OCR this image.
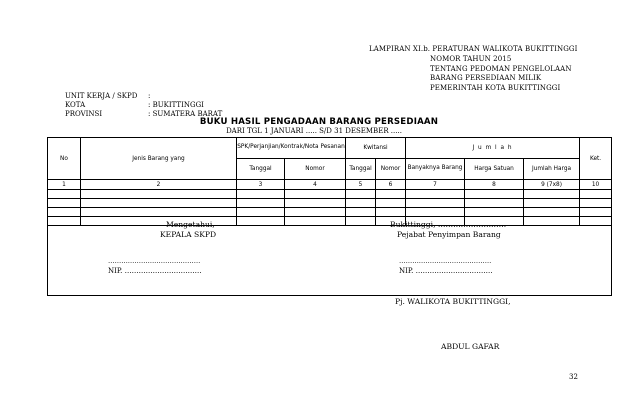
LAMPIRAN XI.b. PERATURAN WALIKOTA BUKITTINGGI
NOMOR TAHUN 2015
TENTANG PEDOMAN PENGELOLAAN
BARANG PERSEDIAAN MILIK
PEMERINTAH KOTA BUKITTINGGI
UNIT KERJA / SKPD :
KOTA	: BUKITTINGGI
PROVINSI	: SUMATERA BARAT
BUKU HASIL PENGADAAN BARANG PERSEDIAAN
DARI TGL 1 JANUARI ..... S/D 31 DESEMBER .....
No	Jenis Barang yang	SPK/Perjanjian/Kontrak/Nota Pesanan		Kwitansi		J u m l a h			Ket.
		Tanggal	Nomor	Tanggal	Nomor	Banyaknya Barang	Harga Satuan	Jumlah Harga	
1	2	3	4	5	6	7	8	9 (7x8)	10

Mengetahui,
KEPALA SKPD
……………………………………
NIP. ……………………………
Bukittinggi, ………………………
Pejabat Penyimpan Barang
……………………………………
NIP. ……………………………
Pj. WALIKOTA BUKITTINGGI,
ABDUL GAFAR
32
